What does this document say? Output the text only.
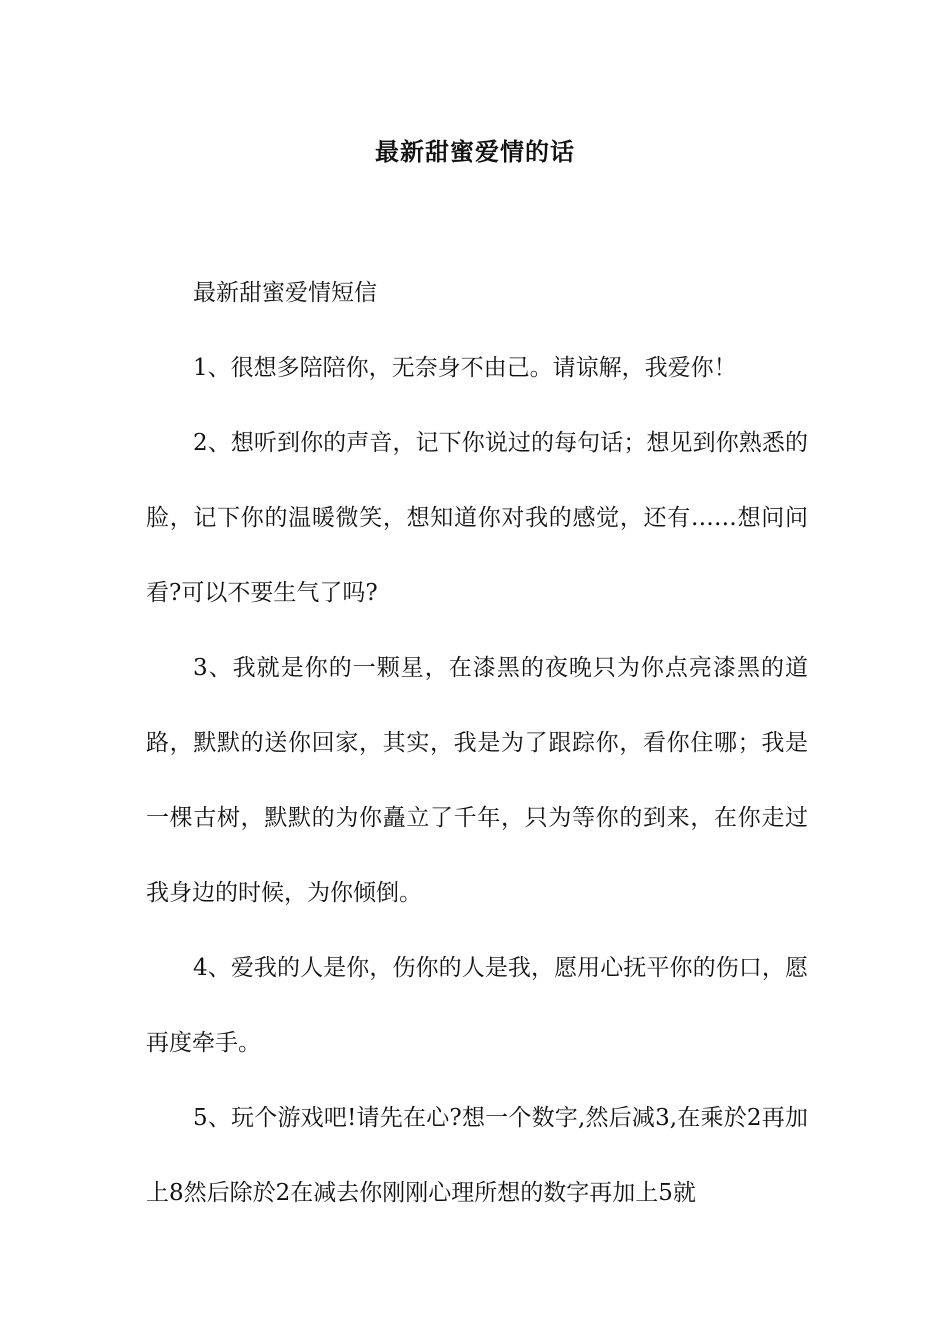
最新甜蜜爱情的话

最新甜蜜爱情短信

1、很想多陪陪你，无奈身不由己。请谅解，我爱你！

2、想听到你的声音，记下你说过的每句话；想见到你熟悉的脸，记下你的温暖微笑，想知道你对我的感觉，还有……想问问看?可以不要生气了吗?

3、我就是你的一颗星，在漆黑的夜晚只为你点亮漆黑的道路，默默的送你回家，其实，我是为了跟踪你，看你住哪；我是一棵古树，默默的为你矗立了千年，只为等你的到来，在你走过我身边的时候，为你倾倒。

4、爱我的人是你，伤你的人是我，愿用心抚平你的伤口，愿再度牵手。

5、玩个游戏吧!请先在心?想一个数字,然后减3,在乘於2再加上8然后除於2在减去你刚刚心理所想的数字再加上5就
